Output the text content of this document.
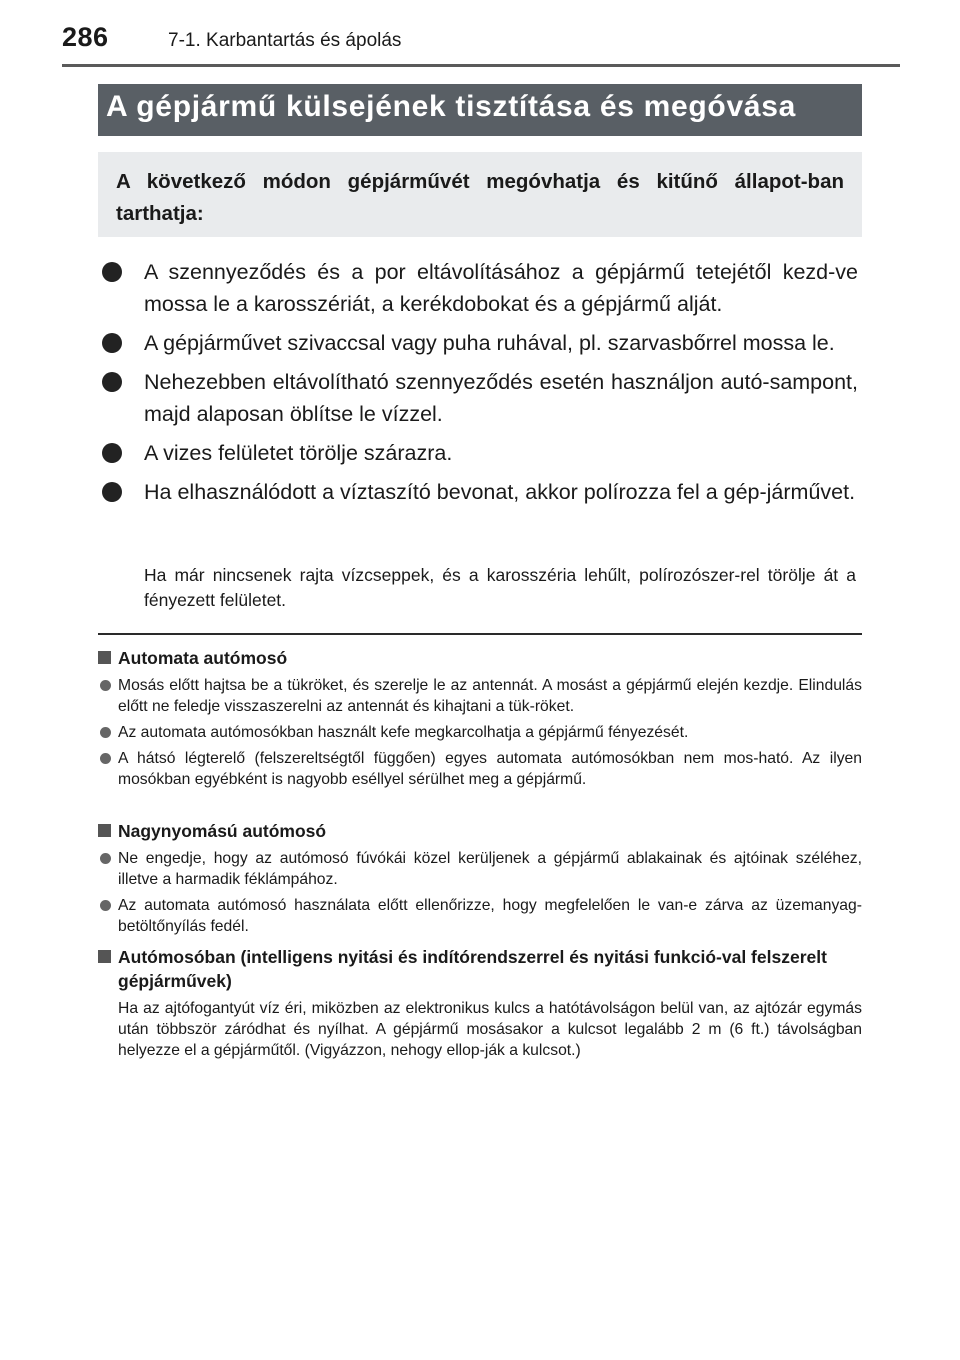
286	7-1. Karbantartás és ápolás
A gépjármű külsejének tisztítása és megóvása
A következő módon gépjárművét megóvhatja és kitűnő állapot-ban tarthatja:
A szennyeződés és a por eltávolításához a gépjármű tetejétől kezd-ve mossa le a karosszériát, a kerékdobokat és a gépjármű alját.
A gépjárművet szivaccsal vagy puha ruhával, pl. szarvasbőrrel mossa le.
Nehezebben eltávolítható szennyeződés esetén használjon autó-sampont, majd alaposan öblítse le vízzel.
A vizes felületet törölje szárazra.
Ha elhasználódott a víztaszító bevonat, akkor polírozza fel a gép-járművet.
Ha már nincsenek rajta vízcseppek, és a karosszéria lehűlt, polírozószer-rel törölje át a fényezett felületet.
Automata autómosó
Mosás előtt hajtsa be a tükröket, és szerelje le az antennát. A mosást a gépjármű elején kezdje. Elindulás előtt ne feledje visszaszerelni az antennát és kihajtani a tük-röket.
Az automata autómosókban használt kefe megkarcolhatja a gépjármű fényezését.
A hátsó légterelő (felszereltségtől függően) egyes automata autómosókban nem mos-ható. Az ilyen mosókban egyébként is nagyobb eséllyel sérülhet meg a gépjármű.
Nagynyomású autómosó
Ne engedje, hogy az autómosó fúvókái közel kerüljenek a gépjármű ablakainak és ajtóinak széléhez, illetve a harmadik féklámpához.
Az automata autómosó használata előtt ellenőrizze, hogy megfelelően le van-e zárva az üzemanyag-betöltőnyílás fedél.
Autómosóban (intelligens nyitási és indítórendszerrel és nyitási funkció-val felszerelt gépjárművek)
Ha az ajtófogantyút víz éri, miközben az elektronikus kulcs a hatótávolságon belül van, az ajtózár egymás után többször záródhat és nyílhat. A gépjármű mosásakor a kulcsot legalább 2 m (6 ft.) távolságban helyezze el a gépjárműtől. (Vigyázzon, nehogy ellop-ják a kulcsot.)
